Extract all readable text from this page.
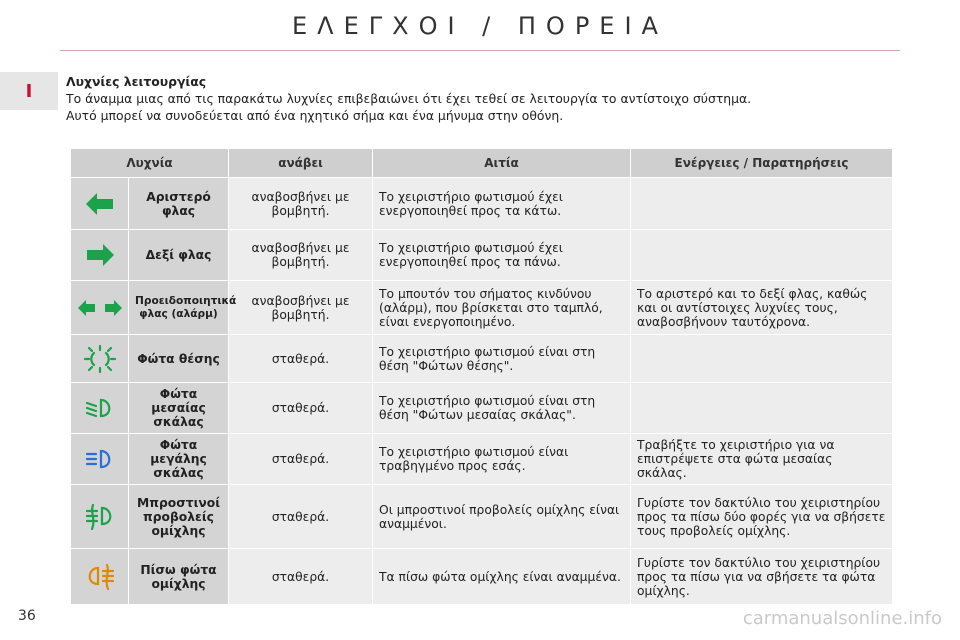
ΕΛΕΓΧΟΙ / ΠΟΡΕΙΑ
I	Λυχνίες λειτουργίας
Το άναμμα μιας από τις παρακάτω λυχνίες επιβεβαιώνει ότι έχει τεθεί σε λειτουργία το αντίστοιχο σύστημα.
Αυτό μπορεί να συνοδεύεται από ένα ηχητικό σήμα και ένα μήνυμα στην οθόνη.
Λυχνία		ανάβει	Αιτία	Ενέργειες / Παρατηρήσεις
	Αριστερό φλας	αναβοσβήνει με βομβητή.	Το χειριστήριο φωτισμού έχει ενεργοποιηθεί προς τα κάτω.	
	Δεξί φλας	αναβοσβήνει με βομβητή.	Το χειριστήριο φωτισμού έχει ενεργοποιηθεί προς τα πάνω.	
	Προειδοποιητικά φλας (αλάρμ)	αναβοσβήνει με βομβητή.	Το μπουτόν του σήματος κινδύνου (αλάρμ), που βρίσκεται στο ταμπλό, είναι ενεργοποιημένο.	Το αριστερό και το δεξί φλας, καθώς και οι αντίστοιχες λυχνίες τους, αναβοσβήνουν ταυτόχρονα.
	Φώτα θέσης	σταθερά.	Το χειριστήριο φωτισμού είναι στη θέση "Φώτων θέσης".	
	Φώτα μεσαίας σκάλας	σταθερά.	Το χειριστήριο φωτισμού είναι στη θέση "Φώτων μεσαίας σκάλας".	
	Φώτα μεγάλης σκάλας	σταθερά.	Το χειριστήριο φωτισμού είναι τραβηγμένο προς εσάς.	Τραβήξτε το χειριστήριο για να επιστρέψετε στα φώτα μεσαίας σκάλας.
	Μπροστινοί προβολείς ομίχλης	σταθερά.	Οι μπροστινοί προβολείς ομίχλης είναι αναμμένοι.	Γυρίστε τον δακτύλιο του χειριστηρίου προς τα πίσω δύο φορές για να σβήσετε τους προβολείς ομίχλης.
	Πίσω φώτα ομίχλης	σταθερά.	Τα πίσω φώτα ομίχλης είναι αναμμένα.	Γυρίστε τον δακτύλιο του χειριστηρίου προς τα πίσω για να σβήσετε τα φώτα ομίχλης.
36	carmanualsonline.info
